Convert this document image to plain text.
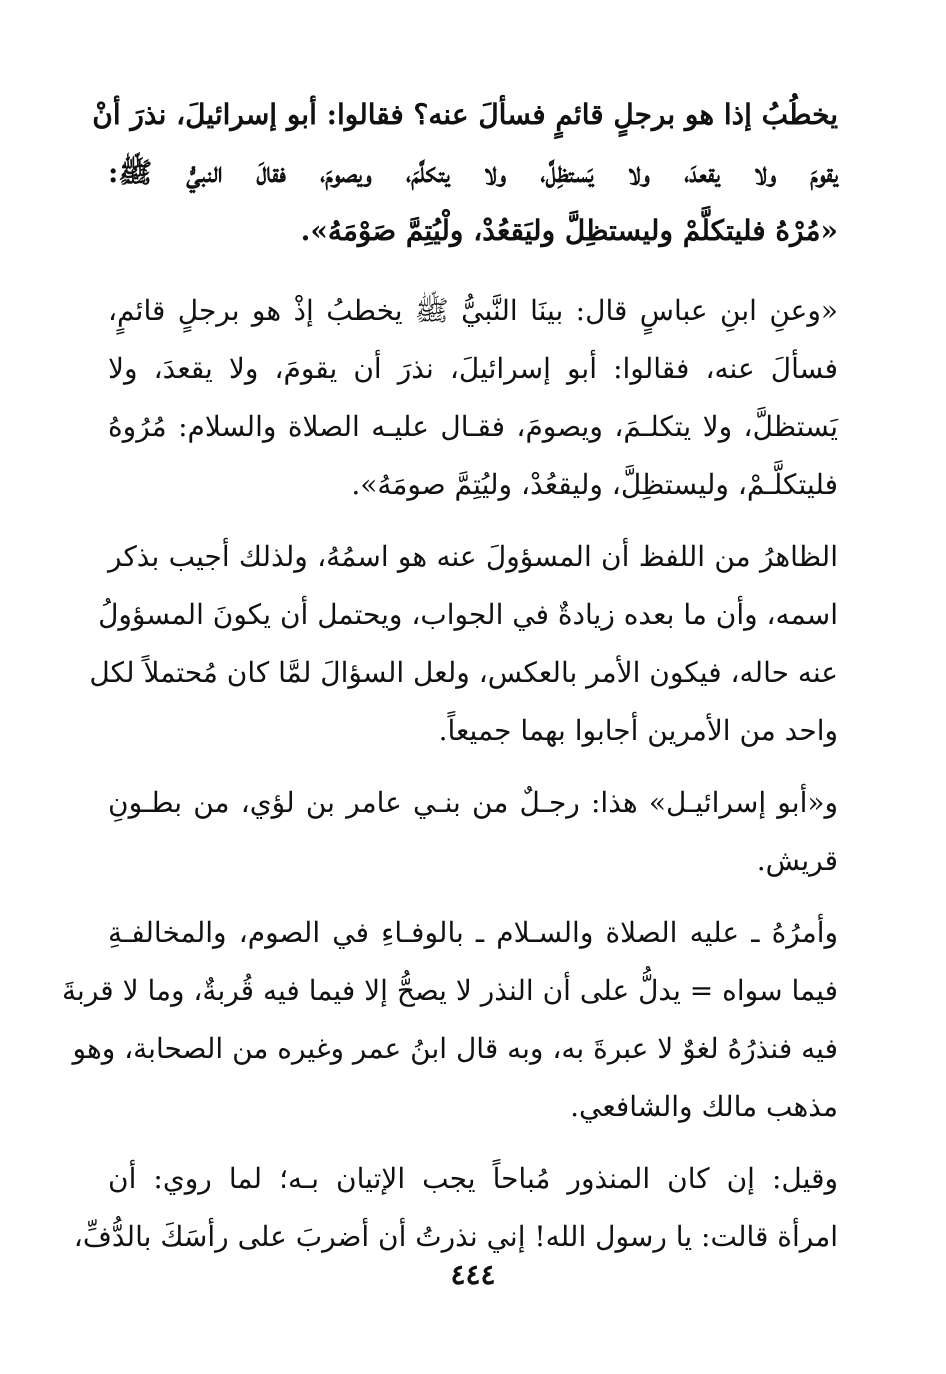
يخطُبُ إذا هو برجلٍ قائمٍ فسألَ عنه؟ فقالوا: أبو إسرائيلَ، نذرَ أنْ
يقومَ ولا يقعدَ، ولا يَستظِلَّ، ولا يتكلَّمَ، ويصومَ، فقالَ النبيُّ ﷺ:
«مُرْهُ فليتكلَّمْ وليستظِلَّ وليَقعُدْ، ولْيُتِمَّ صَوْمَهُ».

«وعنِ ابنِ عباسٍ قال: بينَا النَّبيُّ ﷺ يخطبُ إذْ هو برجلٍ قائمٍ،
فسألَ عنه، فقالوا: أبو إسرائيلَ، نذرَ أن يقومَ، ولا يقعدَ، ولا
يَستظلَّ، ولا يتكلـمَ، ويصومَ، فقـال عليـه الصلاة والسلام: مُرُوهُ
فليتكلَّـمْ، وليستظِلَّ، وليقعُدْ، وليُتِمَّ صومَهُ».

الظاهرُ من اللفظ أن المسؤولَ عنه هو اسمُهُ، ولذلك أجيب بذكر
اسمه، وأن ما بعده زيادةٌ في الجواب، ويحتمل أن يكونَ المسؤولُ
عنه حاله، فيكون الأمر بالعكس، ولعل السؤالَ لمَّا كان مُحتملاً لكل
واحد من الأمرين أجابوا بهما جميعاً.

و«أبو إسرائيـل» هذا: رجـلٌ من بنـي عامر بن لؤي، من بطـونِ
قريش.

وأمرُهُ ـ عليه الصلاة والسـلام ـ بالوفـاءِ في الصوم، والمخالفـةِ
فيما سواه = يدلُّ على أن النذر لا يصحُّ إلا فيما فيه قُربةٌ، وما لا قربةَ
فيه فنذرُهُ لغوٌ لا عبرةَ به، وبه قال ابنُ عمر وغيره من الصحابة، وهو
مذهب مالك والشافعي.

وقيل: إن كان المنذور مُباحاً يجب الإتيان بـه؛ لما روي: أن
امرأة قالت: يا رسول الله! إني نذرتُ أن أضربَ على رأسَكَ بالدُّفِّ،

٤٤٤
